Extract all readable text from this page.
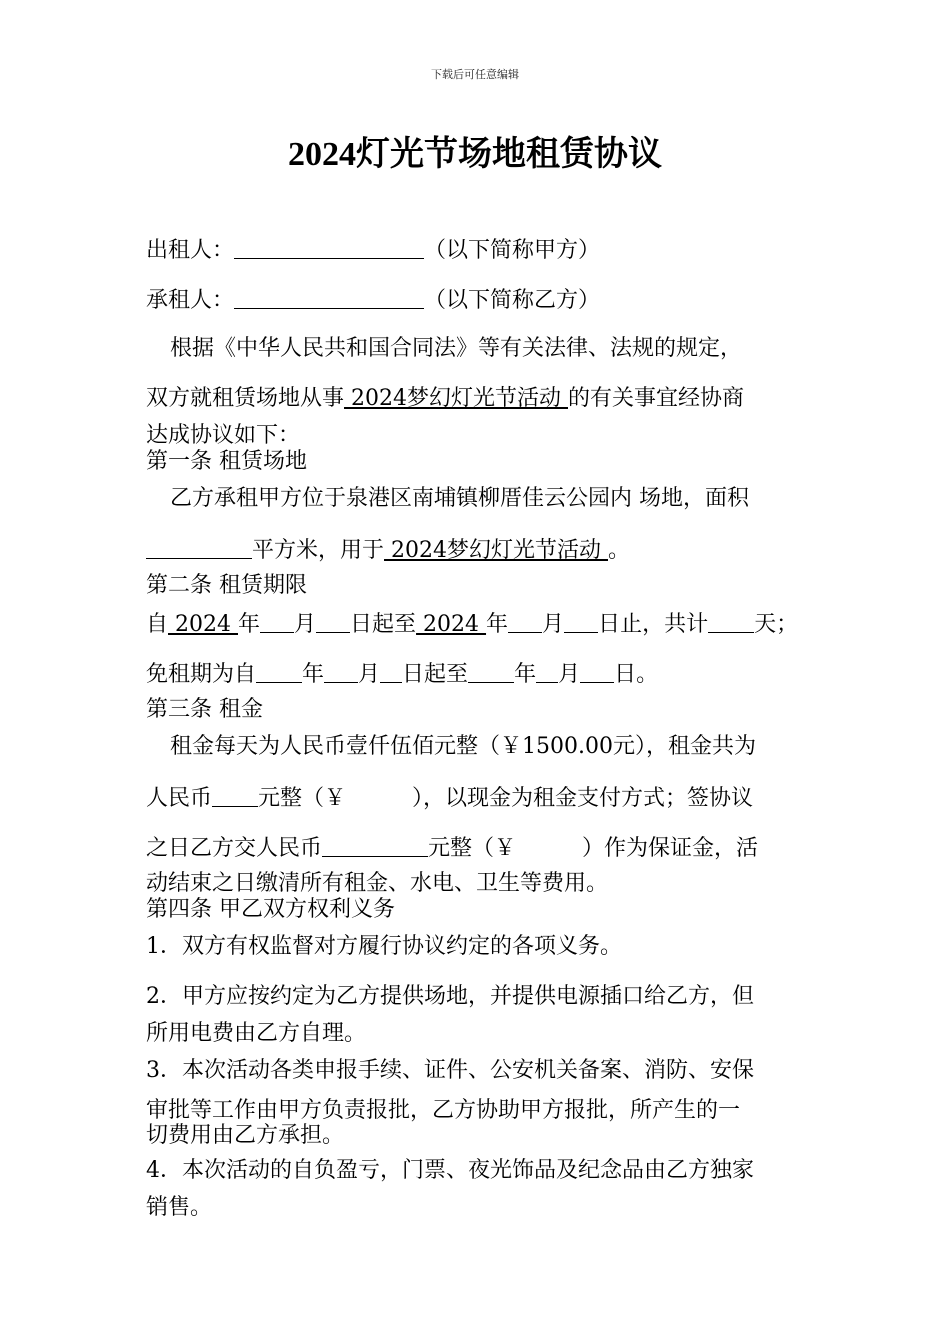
下载后可任意编辑
2024灯光节场地租赁协议
出租人：	（以下简称甲方）
承租人：	（以下简称乙方）
根据《中华人民共和国合同法》等有关法律、法规的规定，
双方就租赁场地从事 2024梦幻灯光节活动 的有关事宜经协商
达成协议如下：
第一条 租赁场地
乙方承租甲方位于泉港区南埔镇柳厝佳云公园内 场地，面积
平方米，用于 2024梦幻灯光节活动 。
第二条 租赁期限
自 2024 年 月 日起至 2024 年 月 日止，共计 天；
免租期为自 年 月 日起至 年 月 日。
第三条 租金
租金每天为人民币壹仟伍佰元整（￥1500.00元），租金共为
人民币 元整（￥	），以现金为租金支付方式；签协议
之日乙方交人民币	元整（￥	）作为保证金，活
动结束之日缴清所有租金、水电、卫生等费用。
第四条 甲乙双方权利义务
1．双方有权监督对方履行协议约定的各项义务。
2．甲方应按约定为乙方提供场地，并提供电源插口给乙方，但
所用电费由乙方自理。
3．本次活动各类申报手续、证件、公安机关备案、消防、安保
审批等工作由甲方负责报批，乙方协助甲方报批，所产生的一
切费用由乙方承担。
4．本次活动的自负盈亏，门票、夜光饰品及纪念品由乙方独家
销售。
